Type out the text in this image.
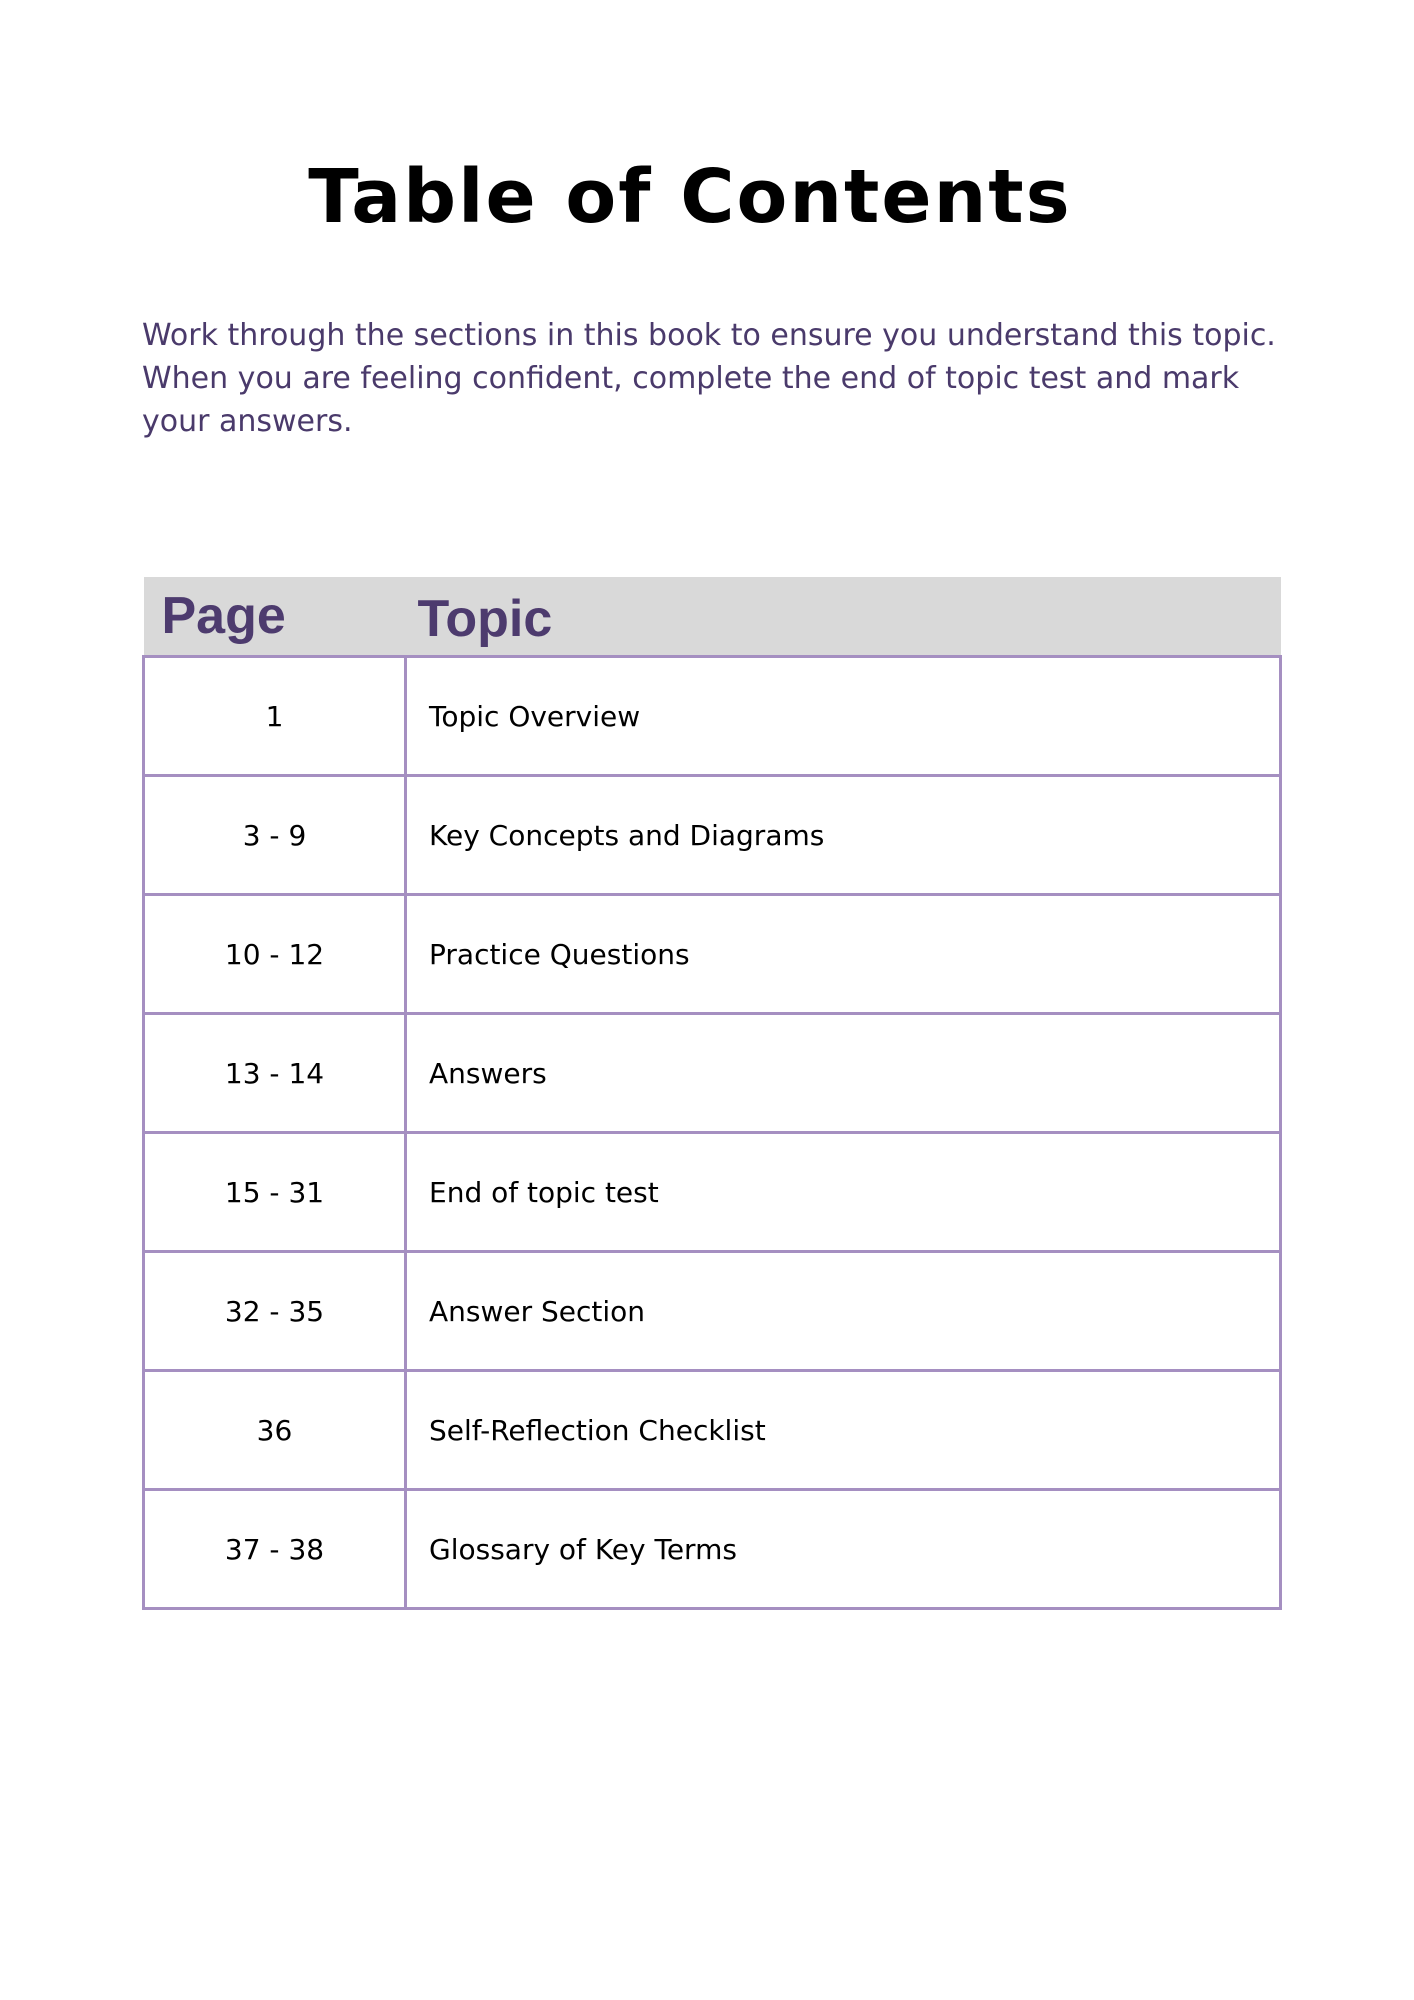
Table of Contents

Work through the sections in this book to ensure you understand this topic. When you are feeling confident, complete the end of topic test and mark your answers.

Page	Topic
1	Topic Overview
3 - 9	Key Concepts and Diagrams
10 - 12	Practice Questions
13 - 14	Answers
15 - 31	End of topic test
32 - 35	Answer Section
36	Self-Reflection Checklist
37 - 38	Glossary of Key Terms
